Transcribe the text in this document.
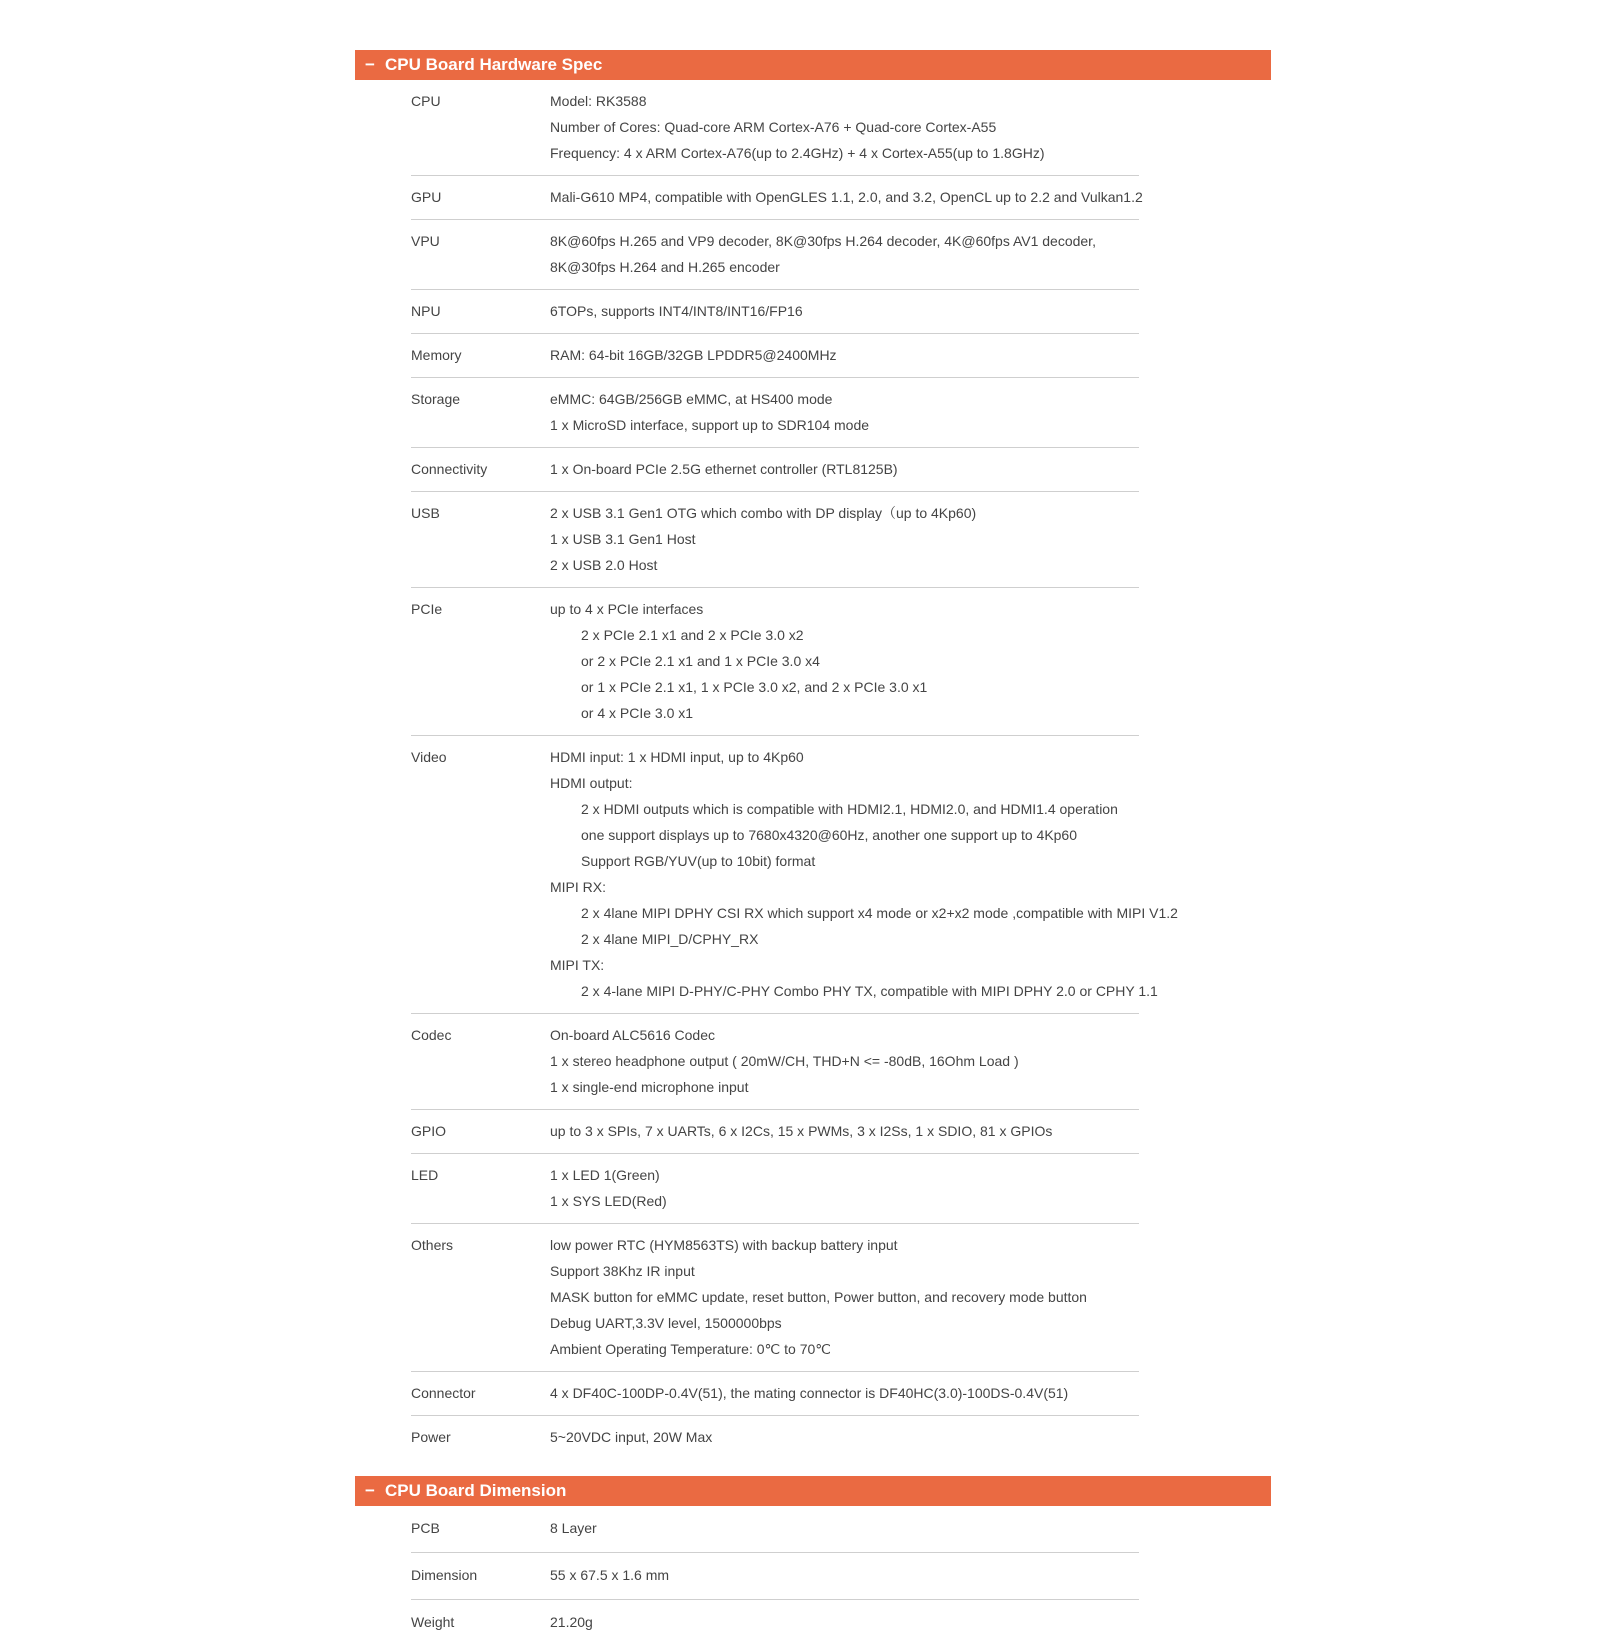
− CPU Board Hardware Spec
CPU	Model: RK3588
Number of Cores: Quad-core ARM Cortex-A76 + Quad-core Cortex-A55
Frequency: 4 x ARM Cortex-A76(up to 2.4GHz) + 4 x Cortex-A55(up to 1.8GHz)
GPU	Mali-G610 MP4, compatible with OpenGLES 1.1, 2.0, and 3.2, OpenCL up to 2.2 and Vulkan1.2
VPU	8K@60fps H.265 and VP9 decoder, 8K@30fps H.264 decoder, 4K@60fps AV1 decoder,
8K@30fps H.264 and H.265 encoder
NPU	6TOPs, supports INT4/INT8/INT16/FP16
Memory	RAM: 64-bit 16GB/32GB LPDDR5@2400MHz
Storage	eMMC: 64GB/256GB eMMC, at HS400 mode
1 x MicroSD interface, support up to SDR104 mode
Connectivity	1 x On-board PCIe 2.5G ethernet controller (RTL8125B)
USB	2 x USB 3.1 Gen1 OTG which combo with DP display（up to 4Kp60)
1 x USB 3.1 Gen1 Host
2 x USB 2.0 Host
PCIe	up to 4 x PCIe interfaces
2 x PCIe 2.1 x1 and 2 x PCIe 3.0 x2
or 2 x PCIe 2.1 x1 and 1 x PCIe 3.0 x4
or 1 x PCIe 2.1 x1, 1 x PCIe 3.0 x2, and 2 x PCIe 3.0 x1
or 4 x PCIe 3.0 x1
Video	HDMI input: 1 x HDMI input, up to 4Kp60
HDMI output:
2 x HDMI outputs which is compatible with HDMI2.1, HDMI2.0, and HDMI1.4 operation
one support displays up to 7680x4320@60Hz, another one support up to 4Kp60
Support RGB/YUV(up to 10bit) format
MIPI RX:
2 x 4lane MIPI DPHY CSI RX which support x4 mode or x2+x2 mode ,compatible with MIPI V1.2
2 x 4lane MIPI_D/CPHY_RX
MIPI TX:
2 x 4-lane MIPI D-PHY/C-PHY Combo PHY TX, compatible with MIPI DPHY 2.0 or CPHY 1.1
Codec	On-board ALC5616 Codec
1 x stereo headphone output ( 20mW/CH, THD+N <= -80dB, 16Ohm Load )
1 x single-end microphone input
GPIO	up to 3 x SPIs, 7 x UARTs, 6 x I2Cs, 15 x PWMs, 3 x I2Ss, 1 x SDIO, 81 x GPIOs
LED	1 x LED 1(Green)
1 x SYS LED(Red)
Others	low power RTC (HYM8563TS) with backup battery input
Support 38Khz IR input
MASK button for eMMC update, reset button, Power button, and recovery mode button
Debug UART,3.3V level, 1500000bps
Ambient Operating Temperature: 0℃ to 70℃
Connector	4 x DF40C-100DP-0.4V(51), the mating connector is DF40HC(3.0)-100DS-0.4V(51)
Power	5~20VDC input, 20W Max
− CPU Board Dimension
PCB	8 Layer
Dimension	55 x 67.5 x 1.6 mm
Weight	21.20g
